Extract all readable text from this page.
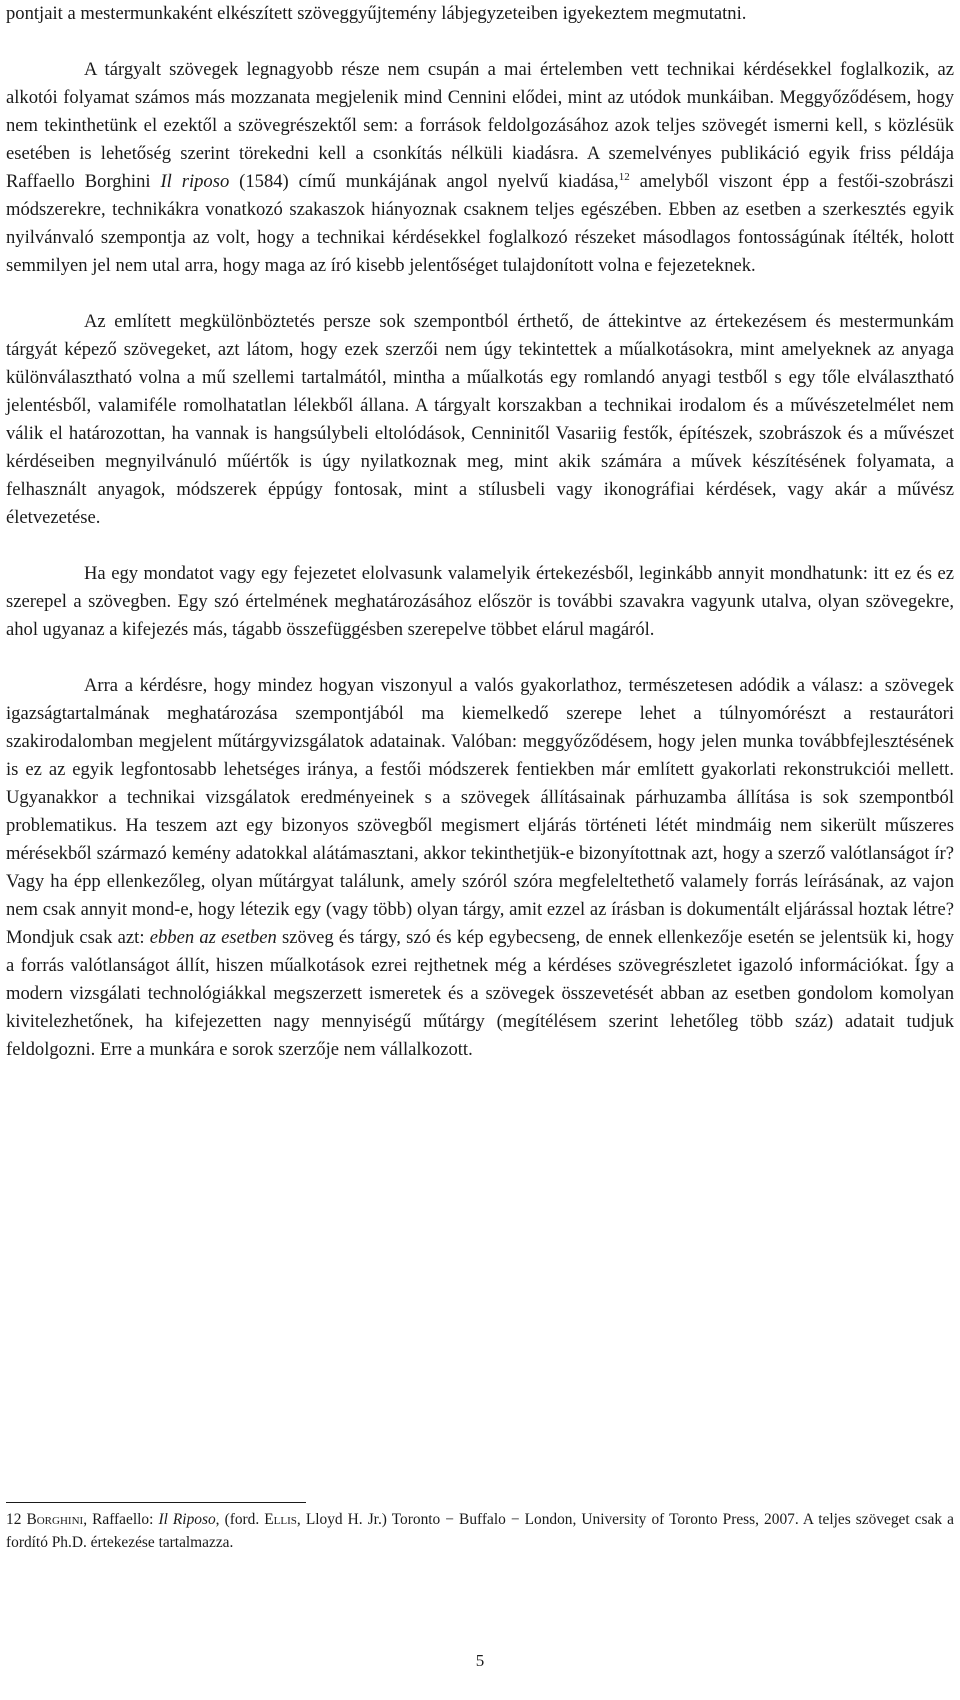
pontjait a mestermunkaként elkészített szöveggyűjtemény lábjegyzeteiben igyekeztem megmutatni.

A tárgyalt szövegek legnagyobb része nem csupán a mai értelemben vett technikai kérdésekkel foglalkozik, az alkotói folyamat számos más mozzanata megjelenik mind Cennini elődei, mint az utódok munkáiban. Meggyőződésem, hogy nem tekinthetünk el ezektől a szövegrészektől sem: a források feldolgozásához azok teljes szövegét ismerni kell, s közlésük esetében is lehetőség szerint törekedni kell a csonkítás nélküli kiadásra. A szemelvényes publikáció egyik friss példája Raffaello Borghini Il riposo (1584) című munkájának angol nyelvű kiadása,$^{12}$ amelyből viszont épp a festői-szobrászi módszerekre, technikákra vonatkozó szakaszok hiányoznak csaknem teljes egészében. Ebben az esetben a szerkesztés egyik nyilvánvaló szempontja az volt, hogy a technikai kérdésekkel foglalkozó részeket másodlagos fontosságúnak ítélték, holott semmilyen jel nem utal arra, hogy maga az író kisebb jelentőséget tulajdonított volna e fejezeteknek.

Az említett megkülönböztetés persze sok szempontból érthető, de áttekintve az értekezésem és mestermunkám tárgyát képező szövegeket, azt látom, hogy ezek szerzői nem úgy tekintettek a műalkotásokra, mint amelyeknek az anyaga különválasztható volna a mű szellemi tartalmától, mintha a műalkotás egy romlandó anyagi testből s egy tőle elválasztható jelentésből, valamiféle romolhatatlan lélekből állana. A tárgyalt korszakban a technikai irodalom és a művészetelmélet nem válik el határozottan, ha vannak is hangsúlybeli eltolódások, Cenninitől Vasariig festők, építészek, szobrászok és a művészet kérdéseiben megnyilvánuló műértők is úgy nyilatkoznak meg, mint akik számára a művek készítésének folyamata, a felhasznált anyagok, módszerek éppúgy fontosak, mint a stílusbeli vagy ikonográfiai kérdések, vagy akár a művész életvezetése.

Ha egy mondatot vagy egy fejezetet elolvasunk valamelyik értekezésből, leginkább annyit mondhatunk: itt ez és ez szerepel a szövegben. Egy szó értelmének meghatározásához először is további szavakra vagyunk utalva, olyan szövegekre, ahol ugyanaz a kifejezés más, tágabb összefüggésben szerepelve többet elárul magáról.

Arra a kérdésre, hogy mindez hogyan viszonyul a valós gyakorlathoz, természetesen adódik a válasz: a szövegek igazságtartalmának meghatározása szempontjából ma kiemelkedő szerepe lehet a túlnyomórészt a restaurátori szakirodalomban megjelent műtárgyvizsgálatok adatainak. Valóban: meggyőződésem, hogy jelen munka továbbfejlesztésének is ez az egyik legfontosabb lehetséges iránya, a festői módszerek fentiekben már említett gyakorlati rekonstrukciói mellett. Ugyanakkor a technikai vizsgálatok eredményeinek s a szövegek állításainak párhuzamba állítása is sok szempontból problematikus. Ha teszem azt egy bizonyos szövegből megismert eljárás történeti létét mindmáig nem sikerült műszeres mérésekből származó kemény adatokkal alátámasztani, akkor tekinthetjük-e bizonyítottnak azt, hogy a szerző valótlanságot ír? Vagy ha épp ellenkezőleg, olyan műtárgyat találunk, amely szóról szóra megfeleltethető valamely forrás leírásának, az vajon nem csak annyit mond-e, hogy létezik egy (vagy több) olyan tárgy, amit ezzel az írásban is dokumentált eljárással hoztak létre? Mondjuk csak azt: ebben az esetben szöveg és tárgy, szó és kép egybecseng, de ennek ellenkezője esetén se jelentsük ki, hogy a forrás valótlanságot állít, hiszen műalkotások ezrei rejthetnek még a kérdéses szövegrészletet igazoló információkat. Így a modern vizsgálati technológiákkal megszerzett ismeretek és a szövegek összevetését abban az esetben gondolom komolyan kivitelezhetőnek, ha kifejezetten nagy mennyiségű műtárgy (megítélésem szerint lehetőleg több száz) adatait tudjuk feldolgozni. Erre a munkára e sorok szerzője nem vállalkozott.

12 Borghini, Raffaello: Il Riposo, (ford. Ellis, Lloyd H. Jr.) Toronto − Buffalo − London, University of Toronto Press, 2007. A teljes szöveget csak a fordító Ph.D. értekezése tartalmazza.
5
